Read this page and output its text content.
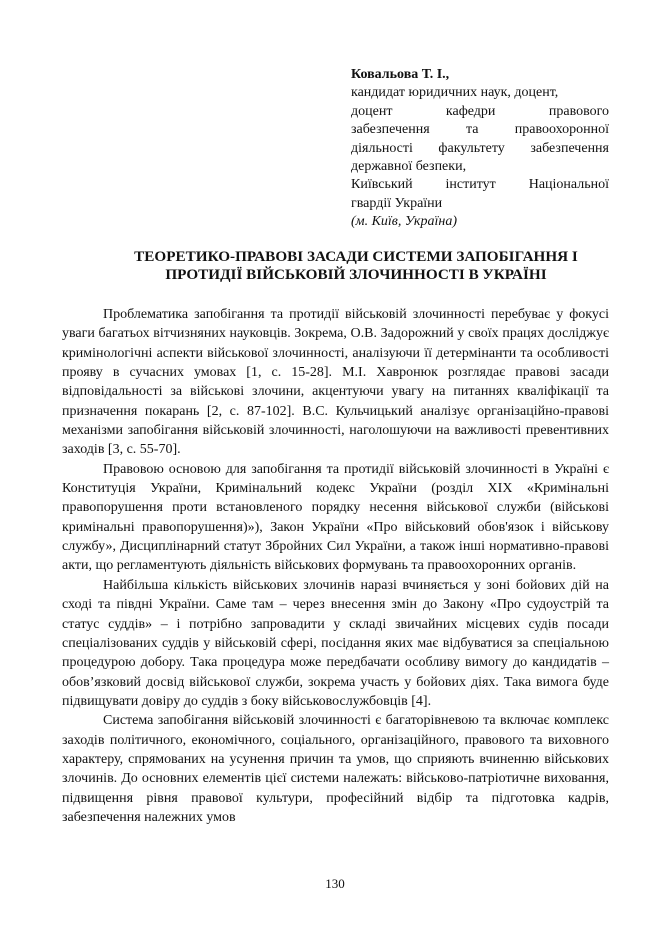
Ковальова Т. І.,
кандидат юридичних наук, доцент,
доцент кафедри правового
забезпечення та правоохоронної
діяльності факультету забезпечення
державної безпеки,
Київський інститут Національної
гвардії України
(м. Київ, Україна)
ТЕОРЕТИКО-ПРАВОВІ ЗАСАДИ СИСТЕМИ ЗАПОБІГАННЯ І ПРОТИДІЇ ВІЙСЬКОВІЙ ЗЛОЧИННОСТІ В УКРАЇНІ

Проблематика запобігання та протидії військовій злочинності перебуває у фокусі уваги багатьох вітчизняних науковців. Зокрема, О.В. Задорожний у своїх працях досліджує кримінологічні аспекти військової злочинності, аналізуючи її детермінанти та особливості прояву в сучасних умовах [1, с. 15-28]. М.І. Хавронюк розглядає правові засади відповідальності за військові злочини, акцентуючи увагу на питаннях кваліфікації та призначення покарань [2, с. 87-102]. В.С. Кульчицький аналізує організаційно-правові механізми запобігання військовій злочинності, наголошуючи на важливості превентивних заходів [3, с. 55-70].

Правовою основою для запобігання та протидії військовій злочинності в Україні є Конституція України, Кримінальний кодекс України (розділ XIX «Кримінальні правопорушення проти встановленого порядку несення військової служби (військові кримінальні правопорушення)»), Закон України «Про військовий обов'язок і військову службу», Дисциплінарний статут Збройних Сил України, а також інші нормативно-правові акти, що регламентують діяльність військових формувань та правоохоронних органів.

Найбільша кількість військових злочинів наразі вчиняється у зоні бойових дій на сході та півдні України. Саме там – через внесення змін до Закону «Про судоустрій та статус суддів» – і потрібно запровадити у складі звичайних місцевих судів посади спеціалізованих суддів у військовій сфері, посідання яких має відбуватися за спеціальною процедурою добору. Така процедура може передбачати особливу вимогу до кандидатів – обов’язковий досвід військової служби, зокрема участь у бойових діях. Така вимога буде підвищувати довіру до суддів з боку військовослужбовців [4].

Система запобігання військовій злочинності є багаторівневою та включає комплекс заходів політичного, економічного, соціального, організаційного, правового та виховного характеру, спрямованих на усунення причин та умов, що сприяють вчиненню військових злочинів. До основних елементів цієї системи належать: військово-патріотичне виховання, підвищення рівня правової культури, професійний відбір та підготовка кадрів, забезпечення належних умов

130
